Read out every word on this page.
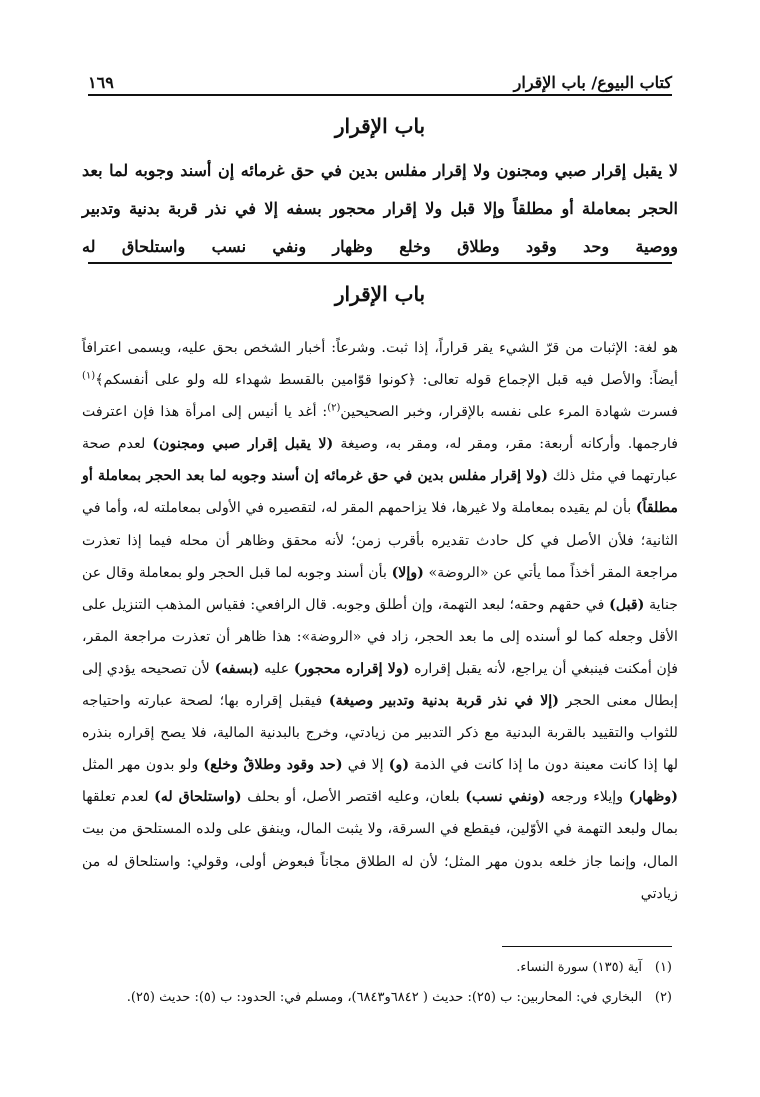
١٦٩	كتاب البيوع/ باب الإقرار
باب الإقرار

لا يقبل إقرار صبي ومجنون ولا إقرار مفلس بدين في حق غرمائه إن أسند وجوبه لما بعد الحجر بمعاملة أو مطلقاً وإلا قبل ولا إقرار محجور بسفه إلا في نذر قربة بدنية وتدبير ووصية وحد وقود وطلاق وخلع وظهار ونفي نسب واستلحاق له

باب الإقرار

هو لغة: الإثبات من قرّ الشيء يقر قراراً، إذا ثبت. وشرعاً: أخبار الشخص بحق عليه، ويسمى اعترافاً أيضاً: والأصل فيه قبل الإجماع قوله تعالى: ﴿كونوا قوّامين بالقسط شهداء لله ولو على أنفسكم﴾$^{(١)}$ فسرت شهادة المرء على نفسه بالإقرار، وخبر الصحيحين$^{(٢)}$: أغد يا أنيس إلى امرأة هذا فإن اعترفت فارجمها. وأركانه أربعة: مقر، ومقر له، ومقر به، وصيغة (لا يقبل إقرار صبي ومجنون) لعدم صحة عبارتهما في مثل ذلك (ولا إقرار مفلس بدين في حق غرمائه إن أسند وجوبه لما بعد الحجر بمعاملة أو مطلقاً) بأن لم يقيده بمعاملة ولا غيرها، فلا يزاحمهم المقر له، لتقصيره في الأولى بمعاملته له، وأما في الثانية؛ فلأن الأصل في كل حادث تقديره بأقرب زمن؛ لأنه محقق وظاهر أن محله فيما إذا تعذرت مراجعة المقر أخذاً مما يأتي عن «الروضة» (وإلا) بأن أسند وجوبه لما قبل الحجر ولو بمعاملة وقال عن جناية (قبل) في حقهم وحقه؛ لبعد التهمة، وإن أطلق وجوبه. قال الرافعي: فقياس المذهب التنزيل على الأقل وجعله كما لو أسنده إلى ما بعد الحجر، زاد في «الروضة»: هذا ظاهر أن تعذرت مراجعة المقر، فإن أمكنت فينبغي أن يراجع، لأنه يقبل إقراره (ولا إقراره محجور) عليه (بسفه) لأن تصحيحه يؤدي إلى إبطال معنى الحجر (إلا في نذر قربة بدنية وتدبير وصيغة) فيقبل إقراره بها؛ لصحة عبارته واحتياجه للثواب والتقييد بالقربة البدنية مع ذكر التدبير من زيادتي، وخرج بالبدنية المالية، فلا يصح إقراره بنذره لها إذا كانت معينة دون ما إذا كانت في الذمة (و) إلا في (حد وقود وطلاقٌ وخلع) ولو بدون مهر المثل (وظهار) وإيلاء ورجعه (ونفي نسب) بلعان، وعليه اقتصر الأصل، أو بحلف (واستلحاق له) لعدم تعلقها بمال ولبعد التهمة في الأوّلين، فيقطع في السرقة، ولا يثبت المال، وينفق على ولده المستلحق من بيت المال، وإنما جاز خلعه بدون مهر المثل؛ لأن له الطلاق مجاناً فبعوض أولى، وقولي: واستلحاق له من زيادتي

(١)
آية (١٣٥) سورة النساء.
(٢)
البخاري في: المحاربين: ب (٢٥): حديث ( ٦٨٤٢و٦٨٤٣)، ومسلم في: الحدود: ب (٥): حديث (٢٥).
